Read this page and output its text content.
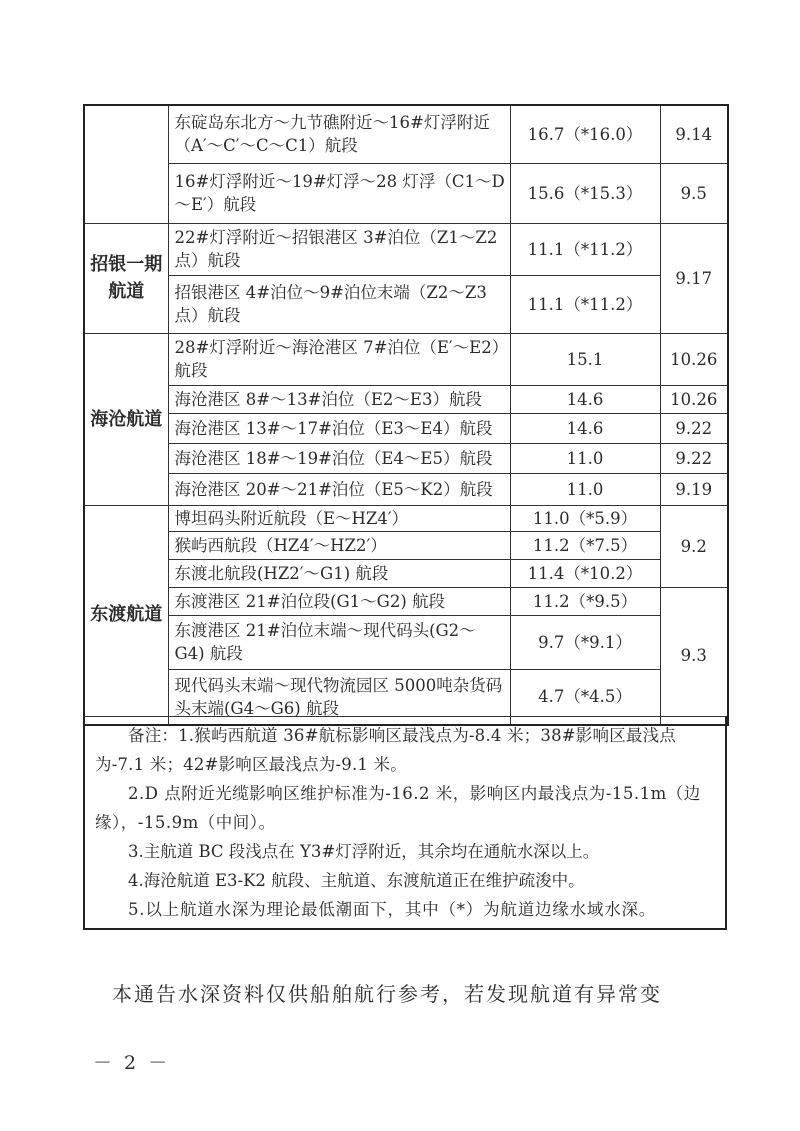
	东碇岛东北方～九节礁附近～16#灯浮附近（A′～C′～C～C1）航段	16.7（*16.0）	9.14
	16#灯浮附近～19#灯浮～28 灯浮（C1～D～E′）航段	15.6（*15.3）	9.5
招银一期航道	22#灯浮附近～招银港区 3#泊位（Z1～Z2点）航段	11.1（*11.2）	9.17
	招银港区 4#泊位～9#泊位末端（Z2～Z3点）航段	11.1（*11.2）	
海沧航道	28#灯浮附近～海沧港区 7#泊位（E′～E2）航段	15.1	10.26
	海沧港区 8#～13#泊位（E2～E3）航段	14.6	10.26
	海沧港区 13#～17#泊位（E3～E4）航段	14.6	9.22
	海沧港区 18#～19#泊位（E4～E5）航段	11.0	9.22
	海沧港区 20#～21#泊位（E5～K2）航段	11.0	9.19
东渡航道	博坦码头附近航段（E～HZ4′）	11.0（*5.9）	9.2
	猴屿西航段（HZ4′～HZ2′）	11.2（*7.5）	
	东渡北航段(HZ2′～G1) 航段	11.4（*10.2）	
	东渡港区 21#泊位段(G1～G2) 航段	11.2（*9.5）	9.3
	东渡港区 21#泊位末端～现代码头(G2～G4) 航段	9.7（*9.1）	
	现代码头末端～现代物流园区 5000吨杂货码头末端(G4～G6) 航段	4.7（*4.5）	

备注：1.猴屿西航道 36#航标影响区最浅点为-8.4 米；38#影响区最浅点为-7.1 米；42#影响区最浅点为-9.1 米。

2.D 点附近光缆影响区维护标准为-16.2 米，影响区内最浅点为-15.1m（边缘），-15.9m（中间）。

3.主航道 BC 段浅点在 Y3#灯浮附近，其余均在通航水深以上。

4.海沧航道 E3-K2 航段、主航道、东渡航道正在维护疏浚中。

5.以上航道水深为理论最低潮面下，其中（*）为航道边缘水域水深。

本通告水深资料仅供船舶航行参考，若发现航道有异常变
－ 2 －
